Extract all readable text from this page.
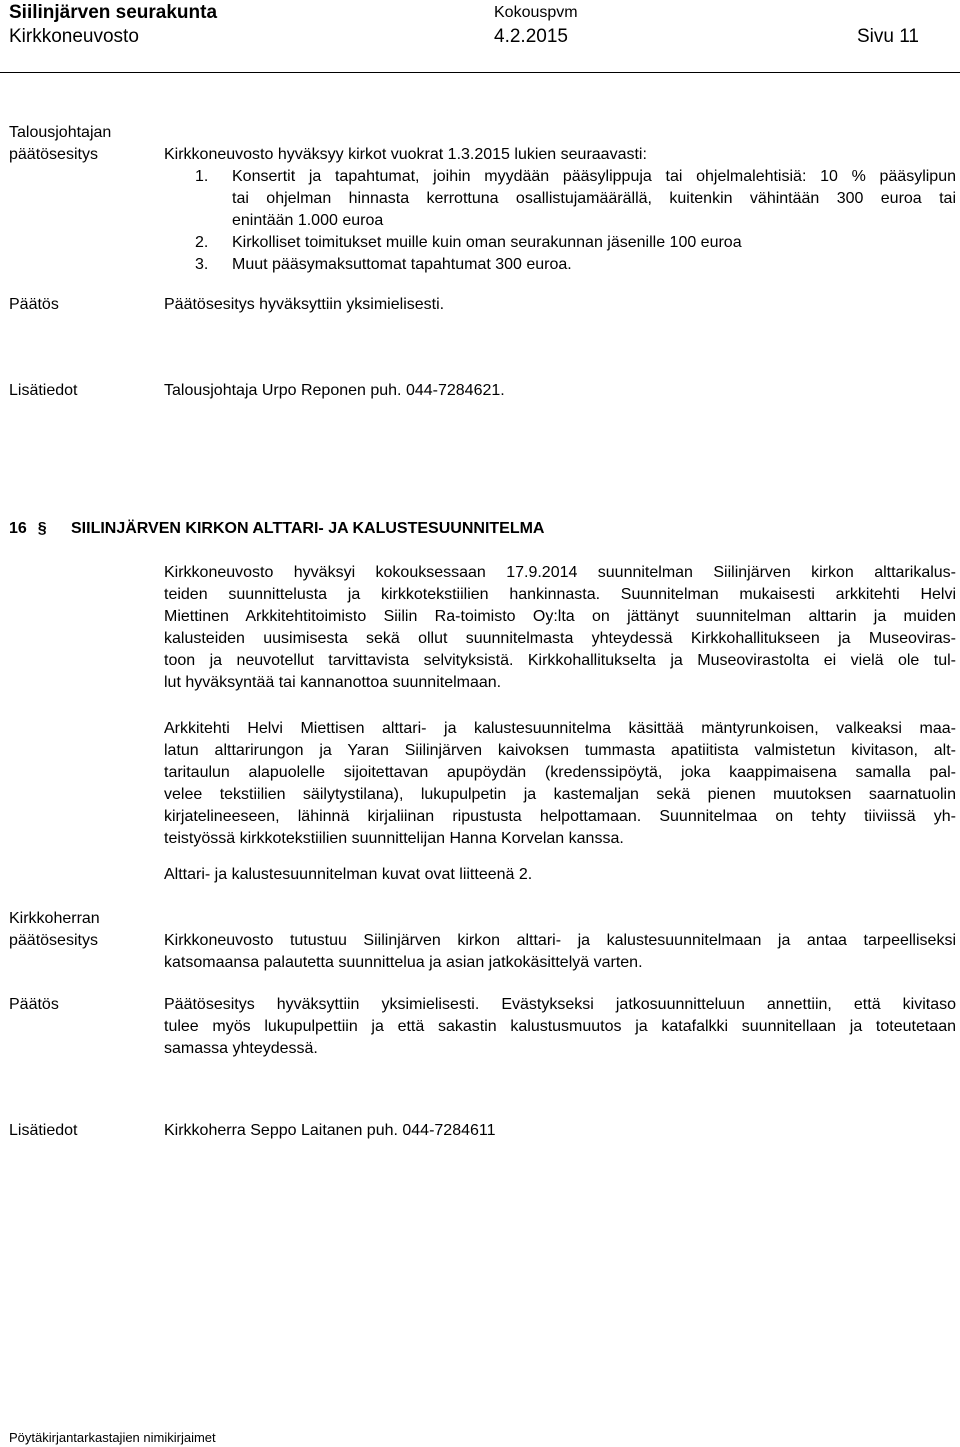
Siilinjärven seurakunta
Kirkkoneuvosto
Kokouspvm
4.2.2015	Sivu 11
Talousjohtajan
päätösesitys	Kirkkoneuvosto hyväksyy kirkot vuokrat 1.3.2015 lukien seuraavasti:
1. Konsertit ja tapahtumat, joihin myydään pääsylippuja tai ohjelmalehtisiä: 10 % pääsylipun
tai ohjelman hinnasta kerrottuna osallistujamäärällä, kuitenkin vähintään 300 euroa tai
enintään 1.000 euroa
2. Kirkolliset toimitukset muille kuin oman seurakunnan jäsenille 100 euroa
3. Muut pääsymaksuttomat tapahtumat 300 euroa.
Päätös	Päätösesitys hyväksyttiin yksimielisesti.
Lisätiedot	Talousjohtaja Urpo Reponen puh. 044-7284621.
16 § SIILINJÄRVEN KIRKON ALTTARI- JA KALUSTESUUNNITELMA
Kirkkoneuvosto hyväksyi kokouksessaan 17.9.2014 suunnitelman Siilinjärven kirkon alttarikalus-
teiden suunnittelusta ja kirkkotekstiilien hankinnasta. Suunnitelman mukaisesti arkkitehti Helvi
Miettinen Arkkitehtitoimisto Siilin Ra-toimisto Oy:lta on jättänyt suunnitelman alttarin ja muiden
kalusteiden uusimisesta sekä ollut suunnitelmasta yhteydessä Kirkkohallitukseen ja Museoviras-
toon ja neuvotellut tarvittavista selvityksistä. Kirkkohallitukselta ja Museovirastolta ei vielä ole tul-
lut hyväksyntää tai kannanottoa suunnitelmaan.
Arkkitehti Helvi Miettisen alttari- ja kalustesuunnitelma käsittää mäntyrunkoisen, valkeaksi maa-
latun alttarirungon ja Yaran Siilinjärven kaivoksen tummasta apatiitista valmistetun kivitason, alt-
taritaulun alapuolelle sijoitettavan apupöydän (kredenssipöytä, joka kaappimaisena samalla pal-
velee tekstiilien säilytystilana), lukupulpetin ja kastemaljan sekä pienen muutoksen saarnatuolin
kirjatelineeseen, lähinnä kirjaliinan ripustusta helpottamaan. Suunnitelmaa on tehty tiiviissä yh-
teistyössä kirkkotekstiilien suunnittelijan Hanna Korvelan kanssa.
Alttari- ja kalustesuunnitelman kuvat ovat liitteenä 2.
Kirkkoherran
päätösesitys	Kirkkoneuvosto tutustuu Siilinjärven kirkon alttari- ja kalustesuunnitelmaan ja antaa tarpeelliseksi
katsomaansa palautetta suunnittelua ja asian jatkokäsittelyä varten.
Päätös	Päätösesitys hyväksyttiin yksimielisesti. Evästykseksi jatkosuunnitteluun annettiin, että kivitaso
tulee myös lukupulpettiin ja että sakastin kalustusmuutos ja katafalkki suunnitellaan ja toteutetaan
samassa yhteydessä.
Lisätiedot	Kirkkoherra Seppo Laitanen puh. 044-7284611
Pöytäkirjantarkastajien nimikirjaimet
